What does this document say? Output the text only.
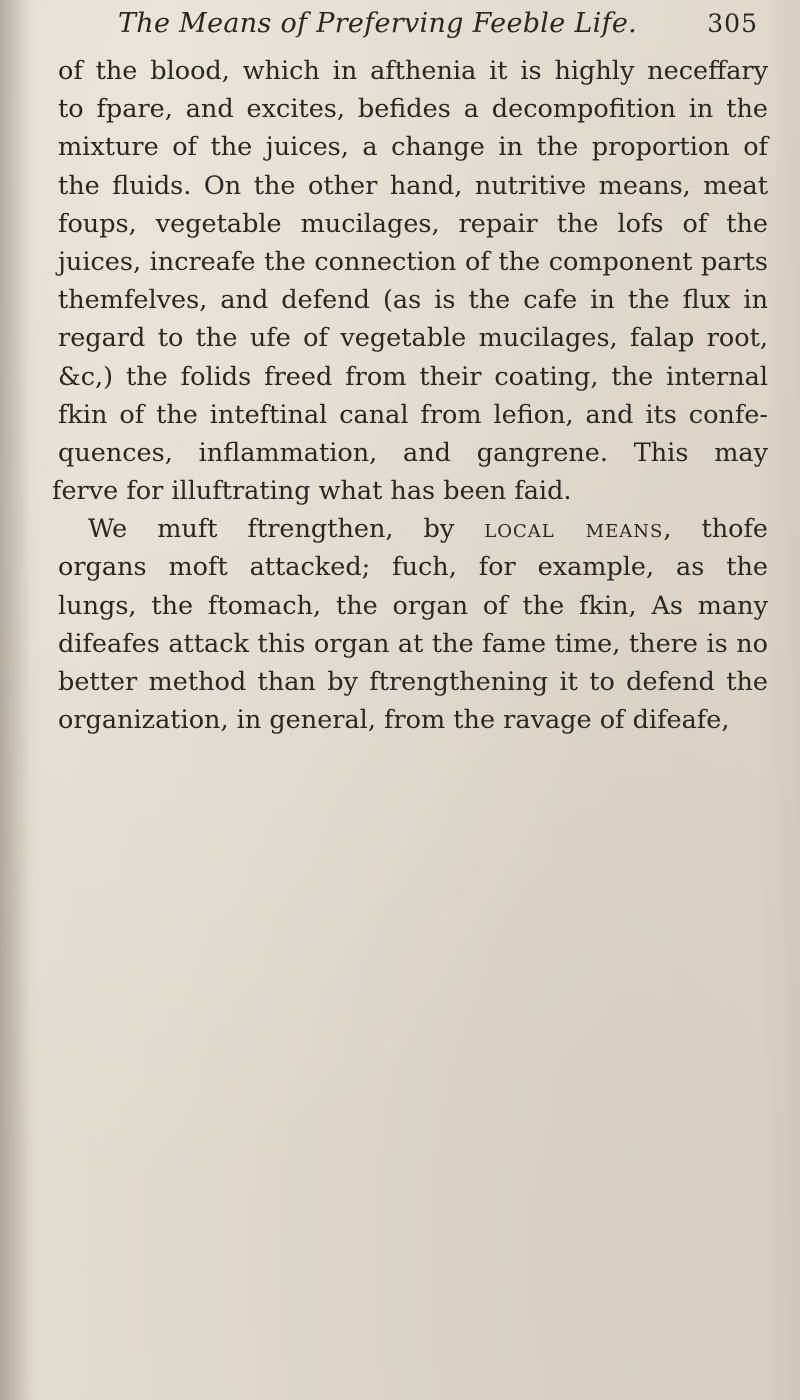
The Means of Preferving Feeble Life.	305
of the blood, which in afthenia it is highly neceffary
to fpare, and excites, befides a decompofition in the
mixture of the juices, a change in the proportion of
the fluids. On the other hand, nutritive means, meat
foups, vegetable mucilages, repair the lofs of the
juices, increafe the connection of the component parts
themfelves, and defend (as is the cafe in the flux in
regard to the ufe of vegetable mucilages, falap root,
&c,) the folids freed from their coating, the internal
fkin of the inteftinal canal from lefion, and its confe-
quences, inflammation, and gangrene. This may
ferve for illuftrating what has been faid.
We muft ftrengthen, by local means, thofe
organs moft attacked; fuch, for example, as the
lungs, the ftomach, the organ of the fkin, As many
difeafes attack this organ at the fame time, there is no
better method than by ftrengthening it to defend the
organization, in general, from the ravage of difeafe,
